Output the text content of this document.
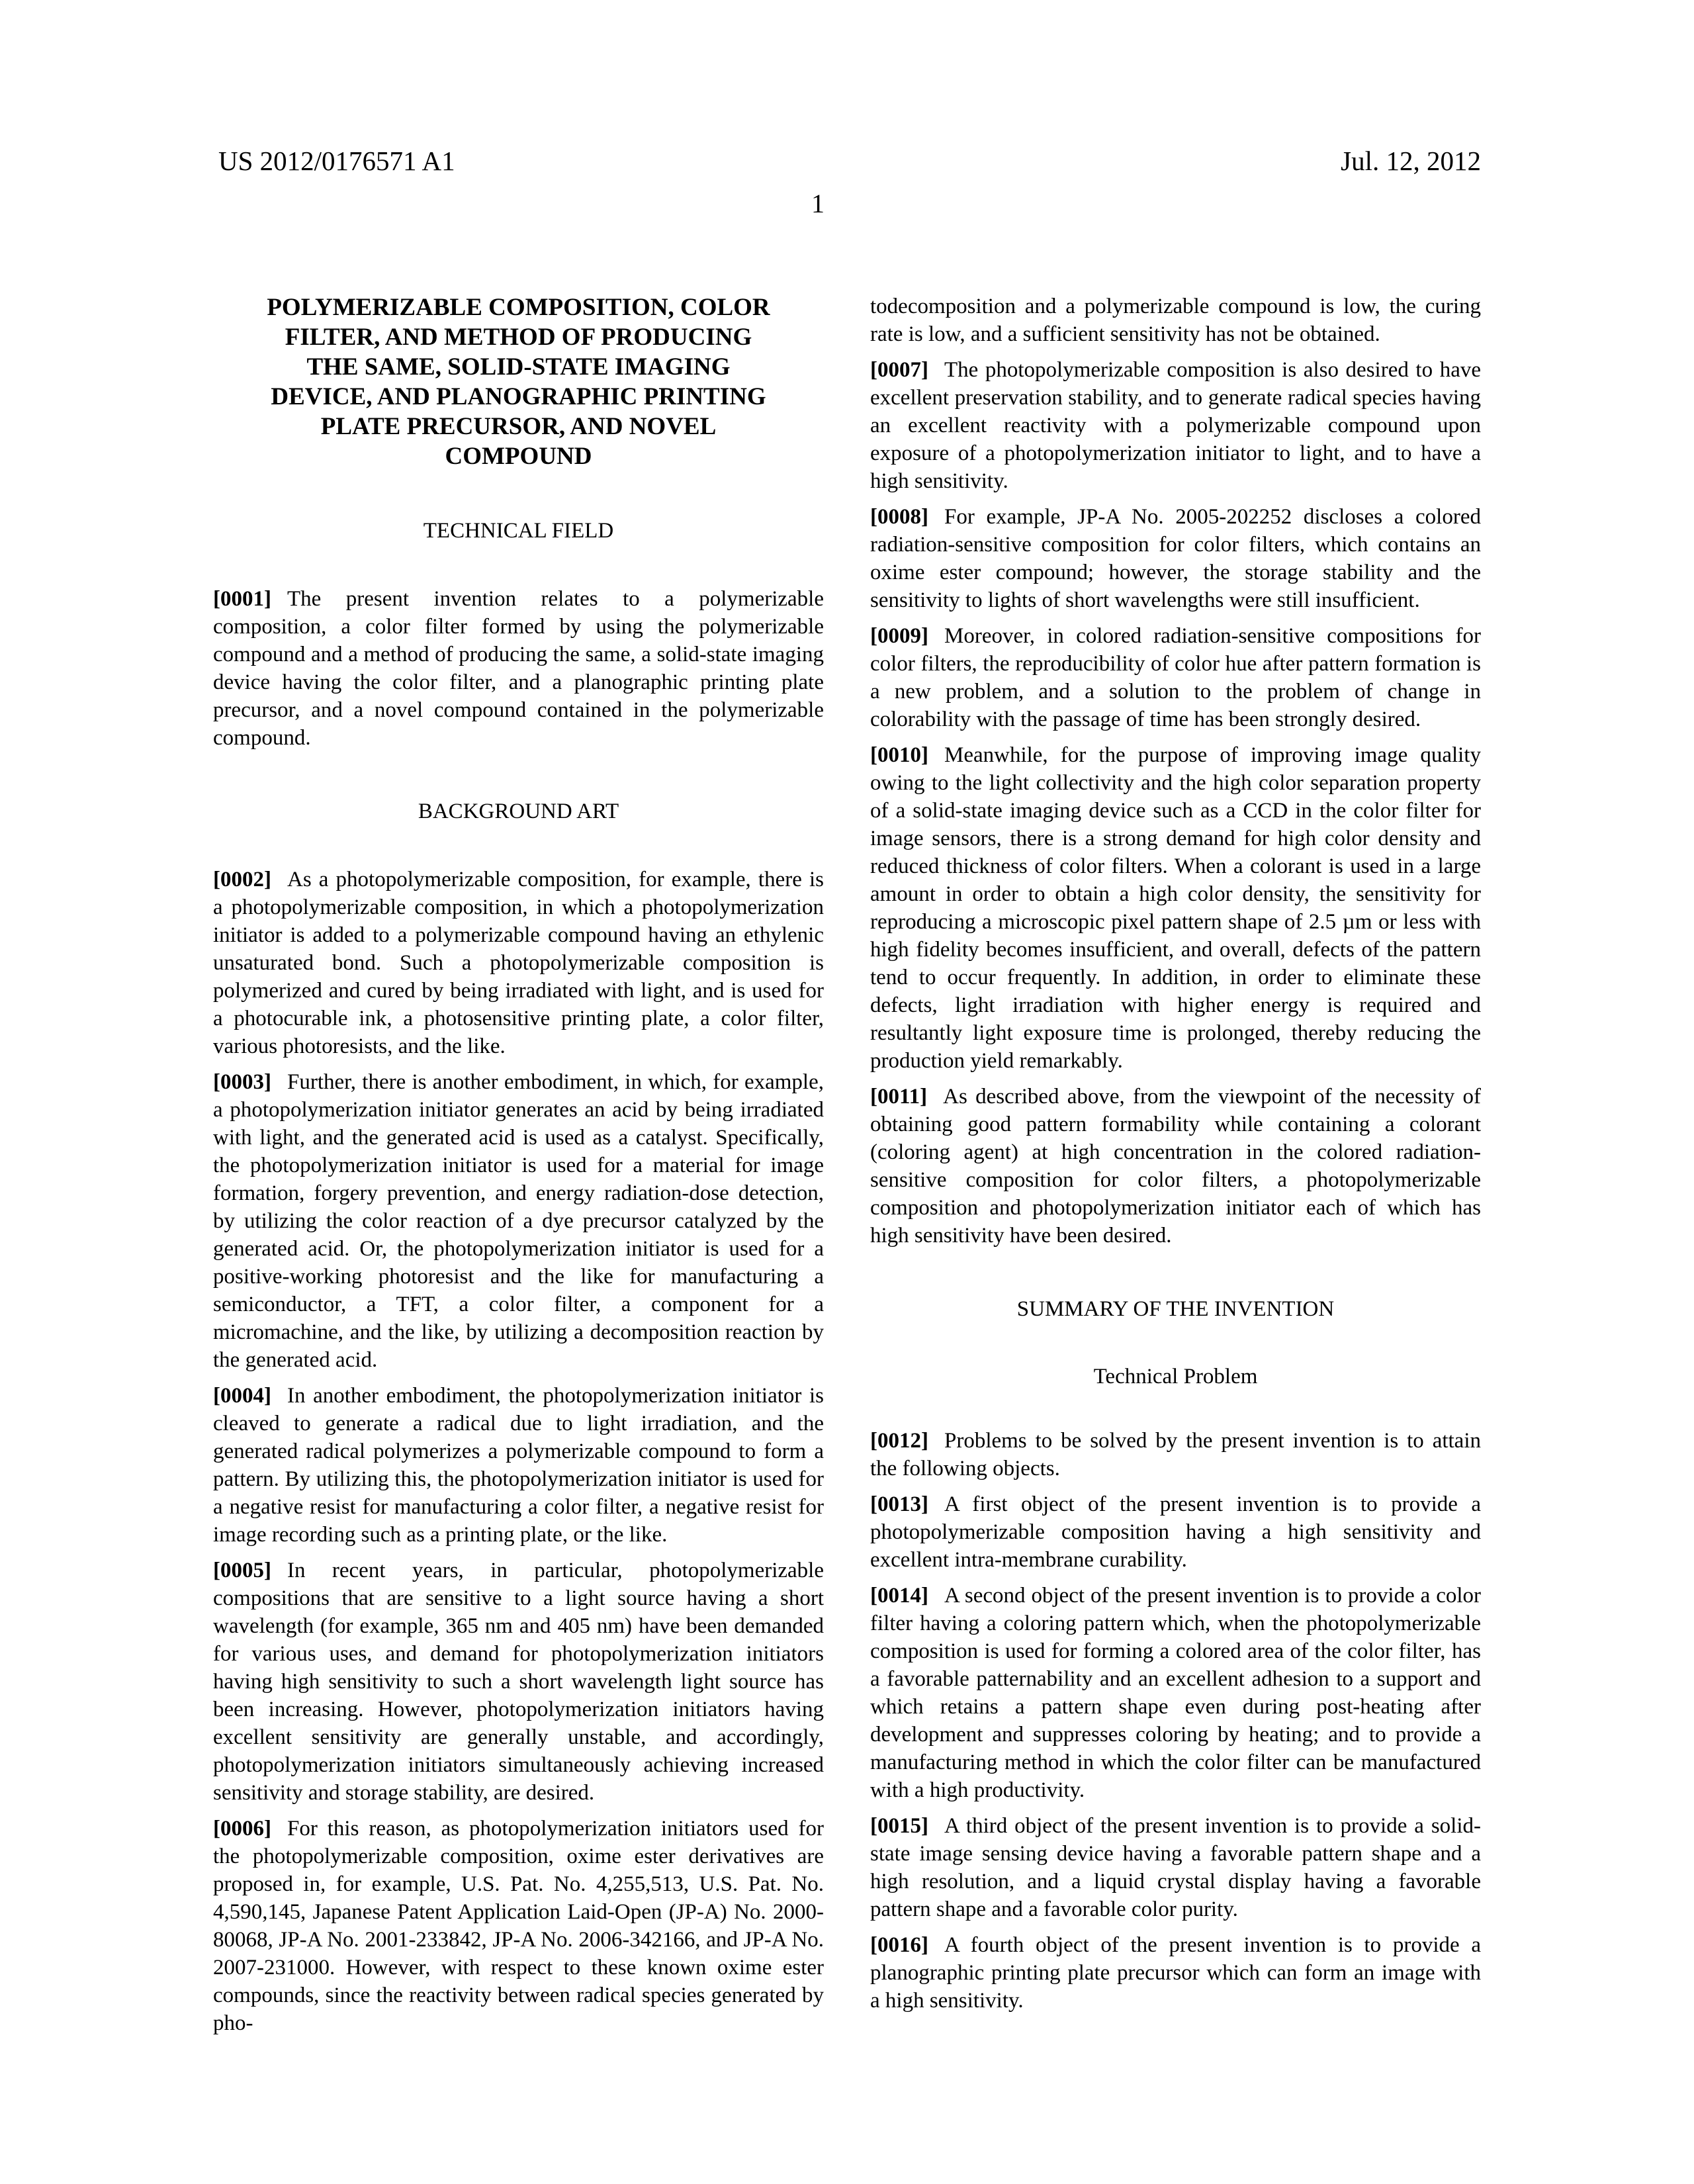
US 2012/0176571 A1	Jul. 12, 2012
1
POLYMERIZABLE COMPOSITION, COLOR
FILTER, AND METHOD OF PRODUCING
THE SAME, SOLID-STATE IMAGING
DEVICE, AND PLANOGRAPHIC PRINTING
PLATE PRECURSOR, AND NOVEL
COMPOUND
TECHNICAL FIELD

[0001] The present invention relates to a polymerizable composition, a color filter formed by using the polymerizable compound and a method of producing the same, a solid-state imaging device having the color filter, and a planographic printing plate precursor, and a novel compound contained in the polymerizable compound.

BACKGROUND ART

[0002] As a photopolymerizable composition, for example, there is a photopolymerizable composition, in which a photopolymerization initiator is added to a polymerizable compound having an ethylenic unsaturated bond. Such a photopolymerizable composition is polymerized and cured by being irradiated with light, and is used for a photocurable ink, a photosensitive printing plate, a color filter, various photoresists, and the like.

[0003] Further, there is another embodiment, in which, for example, a photopolymerization initiator generates an acid by being irradiated with light, and the generated acid is used as a catalyst. Specifically, the photopolymerization initiator is used for a material for image formation, forgery prevention, and energy radiation-dose detection, by utilizing the color reaction of a dye precursor catalyzed by the generated acid. Or, the photopolymerization initiator is used for a positive-working photoresist and the like for manufacturing a semiconductor, a TFT, a color filter, a component for a micromachine, and the like, by utilizing a decomposition reaction by the generated acid.

[0004] In another embodiment, the photopolymerization initiator is cleaved to generate a radical due to light irradiation, and the generated radical polymerizes a polymerizable compound to form a pattern. By utilizing this, the photopolymerization initiator is used for a negative resist for manufacturing a color filter, a negative resist for image recording such as a printing plate, or the like.

[0005] In recent years, in particular, photopolymerizable compositions that are sensitive to a light source having a short wavelength (for example, 365 nm and 405 nm) have been demanded for various uses, and demand for photopolymerization initiators having high sensitivity to such a short wavelength light source has been increasing. However, photopolymerization initiators having excellent sensitivity are generally unstable, and accordingly, photopolymerization initiators simultaneously achieving increased sensitivity and storage stability, are desired.

[0006] For this reason, as photopolymerization initiators used for the photopolymerizable composition, oxime ester derivatives are proposed in, for example, U.S. Pat. No. 4,255,513, U.S. Pat. No. 4,590,145, Japanese Patent Application Laid-Open (JP-A) No. 2000-80068, JP-A No. 2001-233842, JP-A No. 2006-342166, and JP-A No. 2007-231000. However, with respect to these known oxime ester compounds, since the reactivity between radical species generated by pho-

todecomposition and a polymerizable compound is low, the curing rate is low, and a sufficient sensitivity has not be obtained.

[0007] The photopolymerizable composition is also desired to have excellent preservation stability, and to generate radical species having an excellent reactivity with a polymerizable compound upon exposure of a photopolymerization initiator to light, and to have a high sensitivity.

[0008] For example, JP-A No. 2005-202252 discloses a colored radiation-sensitive composition for color filters, which contains an oxime ester compound; however, the storage stability and the sensitivity to lights of short wavelengths were still insufficient.

[0009] Moreover, in colored radiation-sensitive compositions for color filters, the reproducibility of color hue after pattern formation is a new problem, and a solution to the problem of change in colorability with the passage of time has been strongly desired.

[0010] Meanwhile, for the purpose of improving image quality owing to the light collectivity and the high color separation property of a solid-state imaging device such as a CCD in the color filter for image sensors, there is a strong demand for high color density and reduced thickness of color filters. When a colorant is used in a large amount in order to obtain a high color density, the sensitivity for reproducing a microscopic pixel pattern shape of 2.5 µm or less with high fidelity becomes insufficient, and overall, defects of the pattern tend to occur frequently. In addition, in order to eliminate these defects, light irradiation with higher energy is required and resultantly light exposure time is prolonged, thereby reducing the production yield remarkably.

[0011] As described above, from the viewpoint of the necessity of obtaining good pattern formability while containing a colorant (coloring agent) at high concentration in the colored radiation-sensitive composition for color filters, a photopolymerizable composition and photopolymerization initiator each of which has high sensitivity have been desired.

SUMMARY OF THE INVENTION
Technical Problem

[0012] Problems to be solved by the present invention is to attain the following objects.

[0013] A first object of the present invention is to provide a photopolymerizable composition having a high sensitivity and excellent intra-membrane curability.

[0014] A second object of the present invention is to provide a color filter having a coloring pattern which, when the photopolymerizable composition is used for forming a colored area of the color filter, has a favorable patternability and an excellent adhesion to a support and which retains a pattern shape even during post-heating after development and suppresses coloring by heating; and to provide a manufacturing method in which the color filter can be manufactured with a high productivity.

[0015] A third object of the present invention is to provide a solid-state image sensing device having a favorable pattern shape and a high resolution, and a liquid crystal display having a favorable pattern shape and a favorable color purity.

[0016] A fourth object of the present invention is to provide a planographic printing plate precursor which can form an image with a high sensitivity.
